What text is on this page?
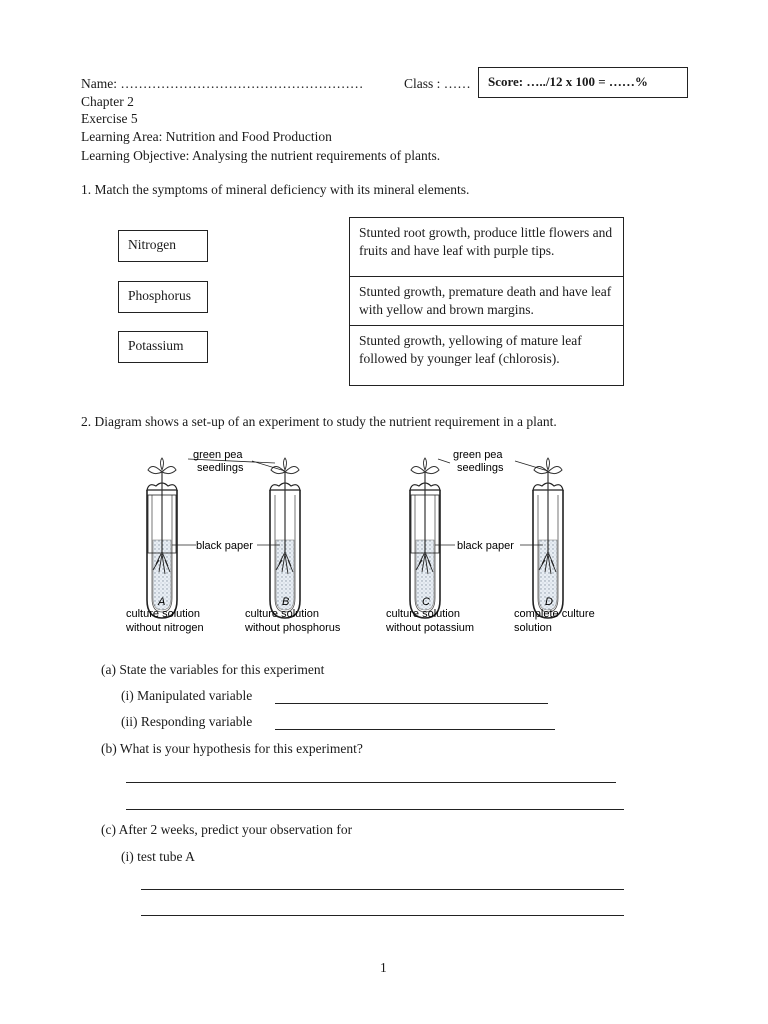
Name: ………………………………………………	Class : ……	Score: …../12 x 100 = ……%
Chapter 2
Exercise 5
Learning Area: Nutrition and Food Production
Learning Objective: Analysing the nutrient requirements of plants.
1. Match the symptoms of mineral deficiency with its mineral elements.
Nitrogen
Phosphorus
Potassium
Stunted root growth, produce little flowers and fruits and have leaf with purple tips.
Stunted growth, premature death and have leaf with yellow and brown margins.
Stunted growth, yellowing of mature leaf followed by younger leaf (chlorosis).
2. Diagram shows a set-up of an experiment to study the nutrient requirement in a plant.
green pea
seedlings
black paper
green pea
seedlings
black paper
A	B	C	D
culture solution
without nitrogen
culture solution
without phosphorus
culture solution
without potassium
complete culture
solution
(a) State the variables for this experiment
(i) Manipulated variable
(ii) Responding variable
(b) What is your hypothesis for this experiment?
(c) After 2 weeks, predict your observation for
(i) test tube A
1
